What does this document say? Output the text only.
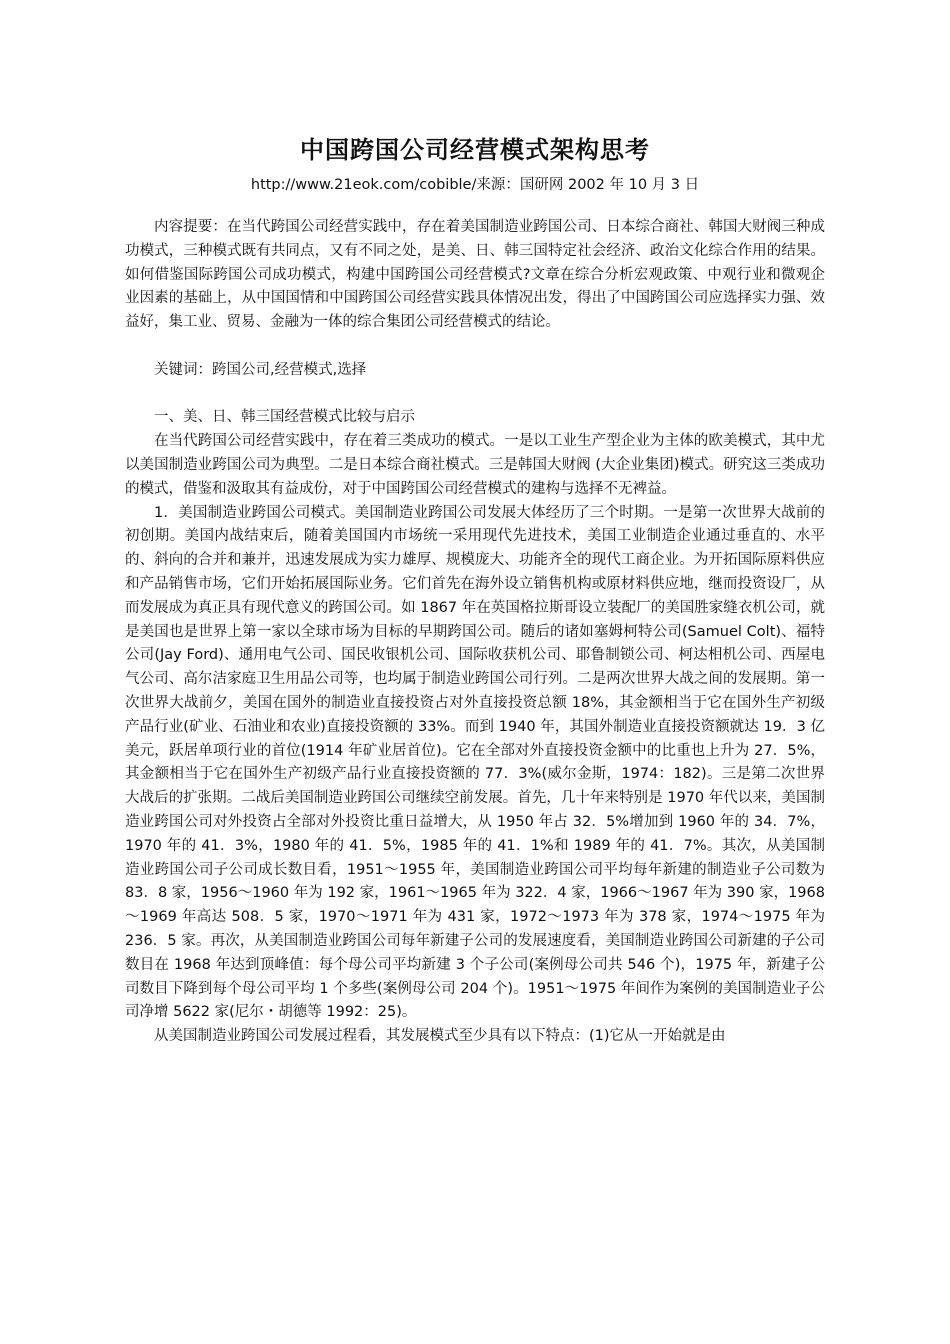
中国跨国公司经营模式架构思考
http://www.21eok.com/cobible/来源：国研网 2002 年 10 月 3 日

内容提要：在当代跨国公司经营实践中，存在着美国制造业跨国公司、日本综合商社、韩国大财阀三种成功模式，三种模式既有共同点，又有不同之处，是美、日、韩三国特定社会经济、政治文化综合作用的结果。如何借鉴国际跨国公司成功模式，构建中国跨国公司经营模式?文章在综合分析宏观政策、中观行业和微观企业因素的基础上，从中国国情和中国跨国公司经营实践具体情况出发，得出了中国跨国公司应选择实力强、效益好，集工业、贸易、金融为一体的综合集团公司经营模式的结论。

关键词：跨国公司,经营模式,选择

一、美、日、韩三国经营模式比较与启示

在当代跨国公司经营实践中，存在着三类成功的模式。一是以工业生产型企业为主体的欧美模式，其中尤以美国制造业跨国公司为典型。二是日本综合商社模式。三是韩国大财阀 (大企业集团)模式。研究这三类成功的模式，借鉴和汲取其有益成份，对于中国跨国公司经营模式的建构与选择不无裨益。

1．美国制造业跨国公司模式。美国制造业跨国公司发展大体经历了三个时期。一是第一次世界大战前的初创期。美国内战结束后，随着美国国内市场统一采用现代先进技术，美国工业制造企业通过垂直的、水平的、斜向的合并和兼并，迅速发展成为实力雄厚、规模庞大、功能齐全的现代工商企业。为开拓国际原料供应和产品销售市场，它们开始拓展国际业务。它们首先在海外设立销售机构或原材料供应地，继而投资设厂，从而发展成为真正具有现代意义的跨国公司。如 1867 年在英国格拉斯哥设立装配厂的美国胜家缝衣机公司，就是美国也是世界上第一家以全球市场为目标的早期跨国公司。随后的诸如塞姆柯特公司(Samuel Colt)、福特公司(Jay Ford)、通用电气公司、国民收银机公司、国际收获机公司、耶鲁制锁公司、柯达相机公司、西屋电气公司、高尔洁家庭卫生用品公司等，也均属于制造业跨国公司行列。二是两次世界大战之间的发展期。第一次世界大战前夕，美国在国外的制造业直接投资占对外直接投资总额 18%，其金额相当于它在国外生产初级产品行业(矿业、石油业和农业)直接投资额的 33%。而到 1940 年，其国外制造业直接投资额就达 19．3 亿美元，跃居单项行业的首位(1914 年矿业居首位)。它在全部对外直接投资金额中的比重也上升为 27．5%，其金额相当于它在国外生产初级产品行业直接投资额的 77．3%(威尔金斯，1974：182)。三是第二次世界大战后的扩张期。二战后美国制造业跨国公司继续空前发展。首先，几十年来特别是 1970 年代以来，美国制造业跨国公司对外投资占全部对外投资比重日益增大，从 1950 年占 32．5%增加到 1960 年的 34．7%，1970 年的 41．3%，1980 年的 41．5%，1985 年的 41．1%和 1989 年的 41．7%。其次，从美国制造业跨国公司子公司成长数目看，1951～1955 年，美国制造业跨国公司平均每年新建的制造业子公司数为 83．8 家，1956～1960 年为 192 家，1961～1965 年为 322．4 家，1966～1967 年为 390 家，1968～1969 年高达 508．5 家，1970～1971 年为 431 家，1972～1973 年为 378 家，1974～1975 年为 236．5 家。再次，从美国制造业跨国公司每年新建子公司的发展速度看，美国制造业跨国公司新建的子公司数目在 1968 年达到顶峰值：每个母公司平均新建 3 个子公司(案例母公司共 546 个)，1975 年，新建子公司数目下降到每个母公司平均 1 个多些(案例母公司 204 个)。1951～1975 年间作为案例的美国制造业子公司净增 5622 家(尼尔・胡德等 1992：25)。

从美国制造业跨国公司发展过程看，其发展模式至少具有以下特点：(1)它从一开始就是由
